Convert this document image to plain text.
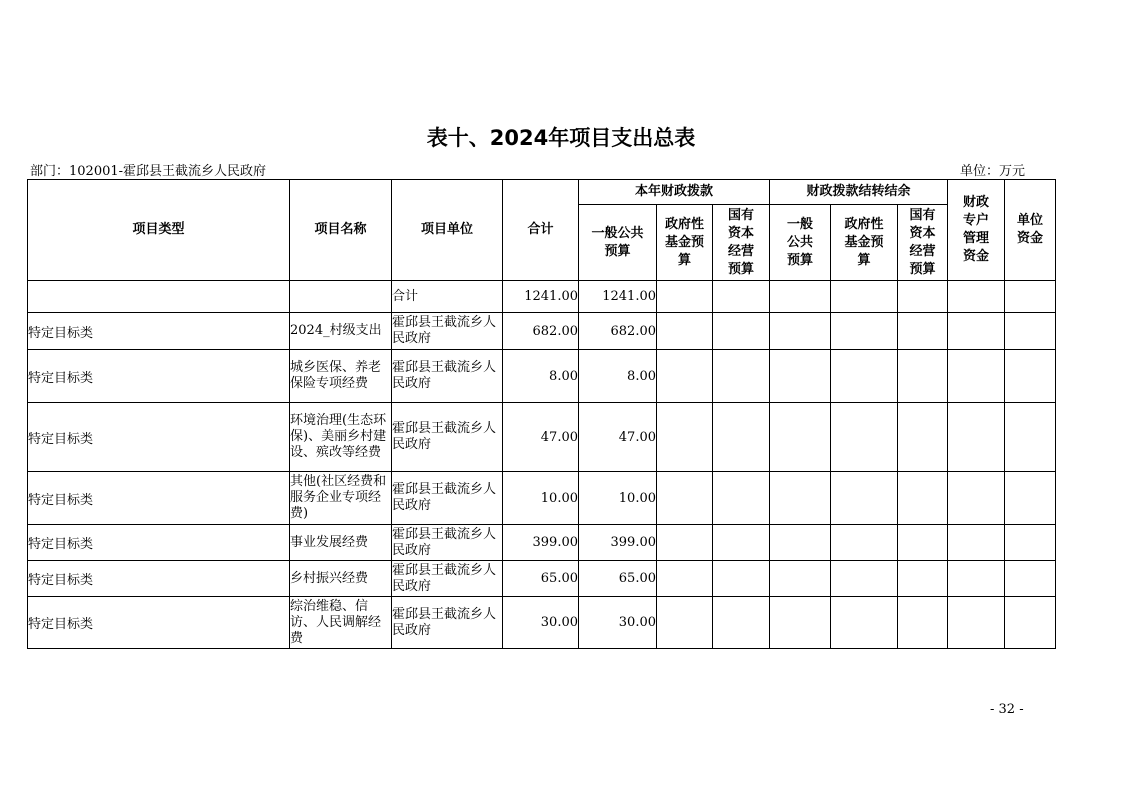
表十、2024年项目支出总表
部门：102001-霍邱县王截流乡人民政府	单位：万元
项目类型	项目名称	项目单位	合计	本年财政拨款			财政拨款结转结余			财政专户管理资金	单位资金

				一般公共预算	政府性基金预算	国有资本经营预算	一般公共预算	政府性基金预算	国有资本经营预算		

		合计	1241.00	1241.00							
特定目标类	2024_村级支出	霍邱县王截流乡人民政府	682.00	682.00							
特定目标类	城乡医保、养老保险专项经费	霍邱县王截流乡人民政府	8.00	8.00							
特定目标类	环境治理(生态环保)、美丽乡村建设、殡改等经费	霍邱县王截流乡人民政府	47.00	47.00							
特定目标类	其他(社区经费和服务企业专项经费)	霍邱县王截流乡人民政府	10.00	10.00							
特定目标类	事业发展经费	霍邱县王截流乡人民政府	399.00	399.00							
特定目标类	乡村振兴经费	霍邱县王截流乡人民政府	65.00	65.00							
特定目标类	综治维稳、信访、人民调解经费	霍邱县王截流乡人民政府	30.00	30.00							
- 32 -
